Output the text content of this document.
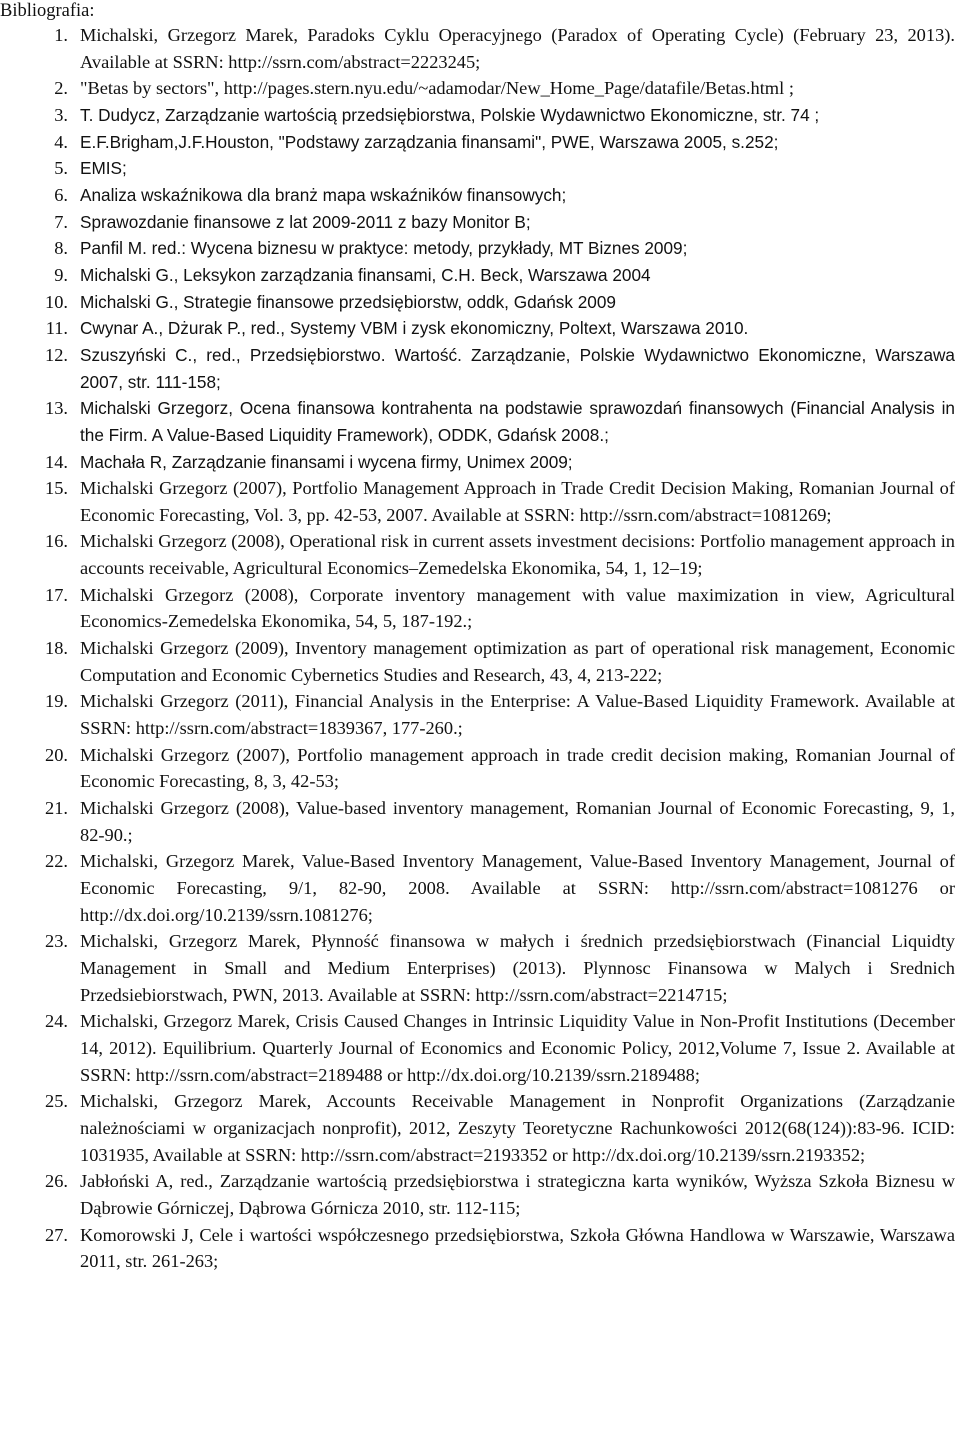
Bibliografia:
1. Michalski, Grzegorz Marek, Paradoks Cyklu Operacyjnego (Paradox of Operating Cycle) (February 23, 2013). Available at SSRN: http://ssrn.com/abstract=2223245;
2. "Betas by sectors", http://pages.stern.nyu.edu/~adamodar/New_Home_Page/datafile/Betas.html ;
3. T. Dudycz, Zarządzanie wartością przedsiębiorstwa, Polskie Wydawnictwo Ekonomiczne, str. 74 ;
4. E.F.Brigham,J.F.Houston, "Podstawy zarządzania finansami", PWE, Warszawa 2005, s.252;
5. EMIS;
6. Analiza wskaźnikowa dla branż mapa wskaźników finansowych;
7. Sprawozdanie finansowe z lat 2009-2011 z bazy Monitor B;
8. Panfil M. red.: Wycena biznesu w praktyce: metody, przykłady, MT Biznes 2009;
9. Michalski G., Leksykon zarządzania finansami, C.H. Beck, Warszawa 2004
10. Michalski G., Strategie finansowe przedsiębiorstw, oddk, Gdańsk 2009
11. Cwynar A., Dżurak P., red., Systemy VBM i zysk ekonomiczny, Poltext, Warszawa 2010.
12. Szuszyński C., red., Przedsiębiorstwo. Wartość. Zarządzanie, Polskie Wydawnictwo Ekonomiczne, Warszawa 2007, str. 111-158;
13. Michalski Grzegorz, Ocena finansowa kontrahenta na podstawie sprawozdań finansowych (Financial Analysis in the Firm. A Value-Based Liquidity Framework), ODDK, Gdańsk 2008.;
14. Machała R, Zarządzanie finansami i wycena firmy, Unimex 2009;
15. Michalski Grzegorz (2007), Portfolio Management Approach in Trade Credit Decision Making, Romanian Journal of Economic Forecasting, Vol. 3, pp. 42-53, 2007. Available at SSRN: http://ssrn.com/abstract=1081269;
16. Michalski Grzegorz (2008), Operational risk in current assets investment decisions: Portfolio management approach in accounts receivable, Agricultural Economics–Zemedelska Ekonomika, 54, 1, 12–19;
17. Michalski Grzegorz (2008), Corporate inventory management with value maximization in view, Agricultural Economics-Zemedelska Ekonomika, 54, 5, 187-192.;
18. Michalski Grzegorz (2009), Inventory management optimization as part of operational risk management, Economic Computation and Economic Cybernetics Studies and Research, 43, 4, 213-222;
19. Michalski Grzegorz (2011), Financial Analysis in the Enterprise: A Value-Based Liquidity Framework. Available at SSRN: http://ssrn.com/abstract=1839367, 177-260.;
20. Michalski Grzegorz (2007), Portfolio management approach in trade credit decision making, Romanian Journal of Economic Forecasting, 8, 3, 42-53;
21. Michalski Grzegorz (2008), Value-based inventory management, Romanian Journal of Economic Forecasting, 9, 1, 82-90.;
22. Michalski, Grzegorz Marek, Value-Based Inventory Management, Value-Based Inventory Management, Journal of Economic Forecasting, 9/1, 82-90, 2008. Available at SSRN: http://ssrn.com/abstract=1081276 or http://dx.doi.org/10.2139/ssrn.1081276;
23. Michalski, Grzegorz Marek, Płynność finansowa w małych i średnich przedsiębiorstwach (Financial Liquidty Management in Small and Medium Enterprises) (2013). Plynnosc Finansowa w Malych i Srednich Przedsiebiorstwach, PWN, 2013. Available at SSRN: http://ssrn.com/abstract=2214715;
24. Michalski, Grzegorz Marek, Crisis Caused Changes in Intrinsic Liquidity Value in Non-Profit Institutions (December 14, 2012). Equilibrium. Quarterly Journal of Economics and Economic Policy, 2012,Volume 7, Issue 2. Available at SSRN: http://ssrn.com/abstract=2189488 or http://dx.doi.org/10.2139/ssrn.2189488;
25. Michalski, Grzegorz Marek, Accounts Receivable Management in Nonprofit Organizations (Zarządzanie należnościami w organizacjach nonprofit), 2012, Zeszyty Teoretyczne Rachunkowości 2012(68(124)):83-96. ICID: 1031935, Available at SSRN: http://ssrn.com/abstract=2193352 or http://dx.doi.org/10.2139/ssrn.2193352;
26. Jabłoński A, red., Zarządzanie wartością przedsiębiorstwa i strategiczna karta wyników, Wyższa Szkoła Biznesu w Dąbrowie Górniczej, Dąbrowa Górnicza 2010, str. 112-115;
27. Komorowski J, Cele i wartości współczesnego przedsiębiorstwa, Szkoła Główna Handlowa w Warszawie, Warszawa 2011, str. 261-263;
